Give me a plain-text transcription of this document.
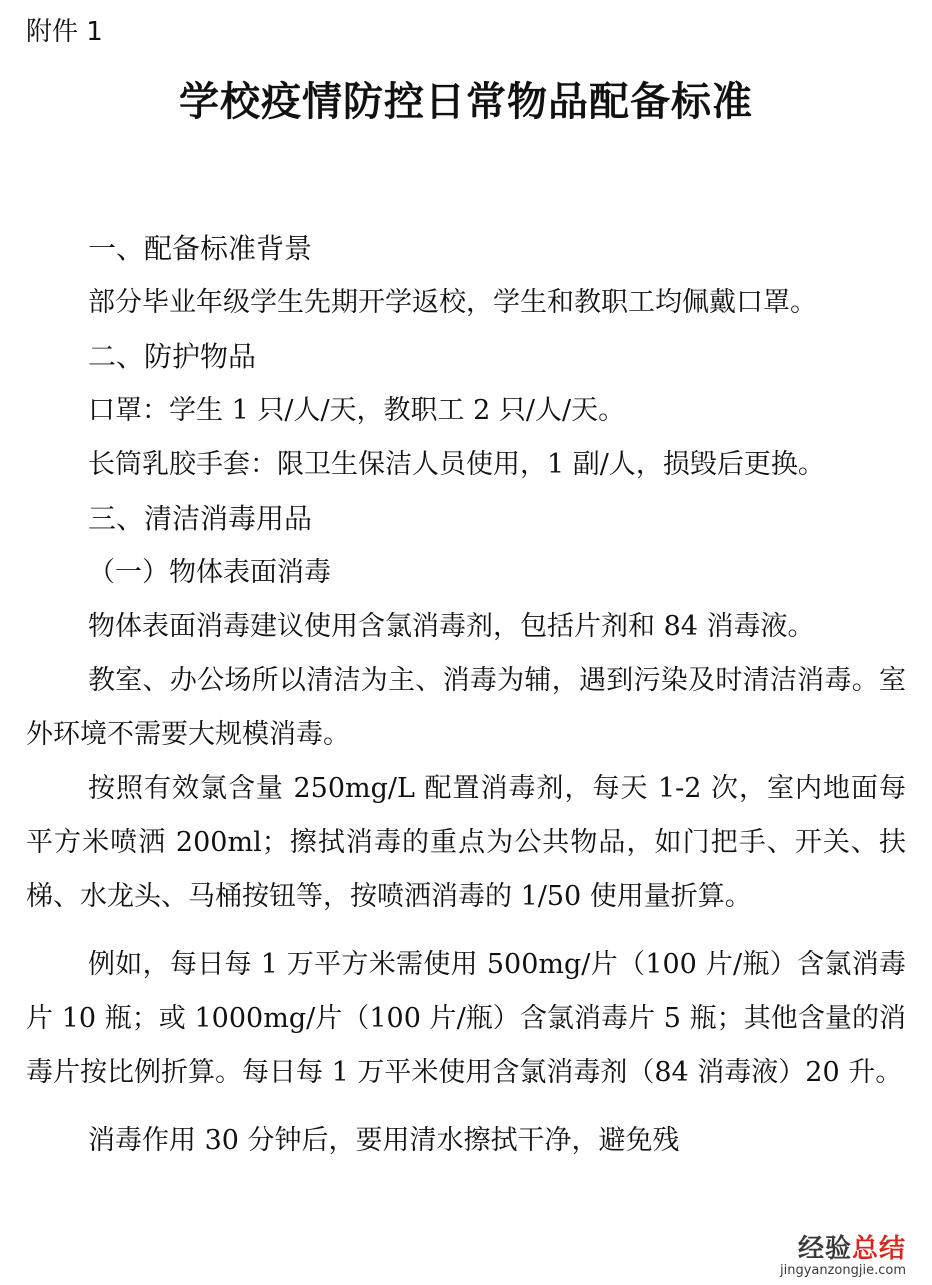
附件 1
学校疫情防控日常物品配备标准

一、配备标准背景

部分毕业年级学生先期开学返校，学生和教职工均佩戴口罩。

二、防护物品

口罩：学生 1 只/人/天，教职工 2 只/人/天。

长筒乳胶手套：限卫生保洁人员使用，1 副/人，损毁后更换。

三、清洁消毒用品

（一）物体表面消毒

物体表面消毒建议使用含氯消毒剂，包括片剂和 84 消毒液。

教室、办公场所以清洁为主、消毒为辅，遇到污染及时清洁消毒。室外环境不需要大规模消毒。

按照有效氯含量 250mg/L 配置消毒剂，每天 1-2 次，室内地面每平方米喷洒 200ml；擦拭消毒的重点为公共物品，如门把手、开关、扶梯、水龙头、马桶按钮等，按喷洒消毒的 1/50 使用量折算。

例如，每日每 1 万平方米需使用 500mg/片（100 片/瓶）含氯消毒片 10 瓶；或 1000mg/片（100 片/瓶）含氯消毒片 5 瓶；其他含量的消毒片按比例折算。每日每 1 万平米使用含氯消毒剂（84 消毒液）20 升。

消毒作用 30 分钟后，要用清水擦拭干净，避免残

经验总结
jingyanzongjie.com
